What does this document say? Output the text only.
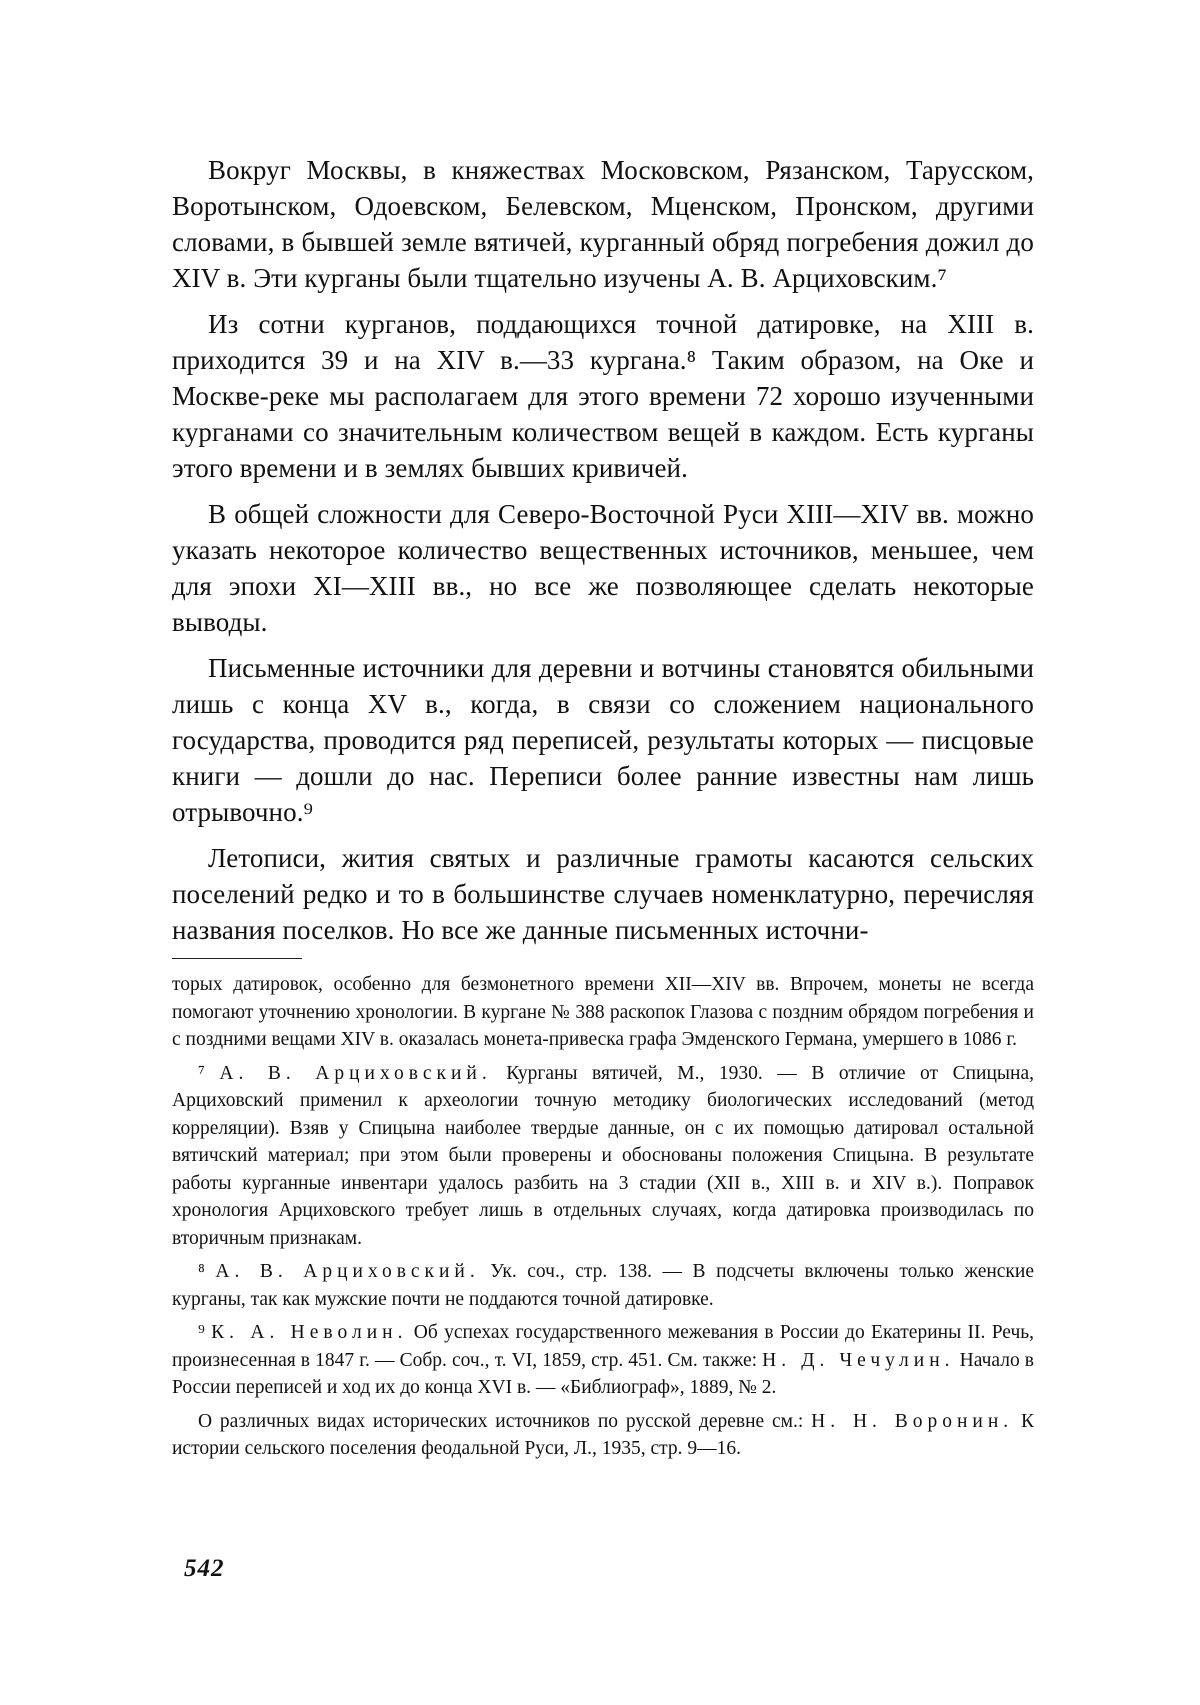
Вокруг Москвы, в княжествах Московском, Рязанском, Тарусском, Воротынском, Одоевском, Белевском, Мценском, Пронском, другими словами, в бывшей земле вятичей, курганный обряд погребения дожил до XIV в. Эти курганы были тщательно изучены А. В. Арциховским.⁷

Из сотни курганов, поддающихся точной датировке, на XIII в. приходится 39 и на XIV в.—33 кургана.⁸ Таким образом, на Оке и Москве-реке мы располагаем для этого времени 72 хорошо изученными курганами со значительным количеством вещей в каждом. Есть курганы этого времени и в землях бывших кривичей.

В общей сложности для Северо-Восточной Руси XIII—XIV вв. можно указать некоторое количество вещественных источников, меньшее, чем для эпохи XI—XIII вв., но все же позволяющее сделать некоторые выводы.

Письменные источники для деревни и вотчины становятся обильными лишь с конца XV в., когда, в связи со сложением национального государства, проводится ряд переписей, результаты которых — писцовые книги — дошли до нас. Переписи более ранние известны нам лишь отрывочно.⁹

Летописи, жития святых и различные грамоты касаются сельских поселений редко и то в большинстве случаев номенклатурно, перечисляя названия поселков. Но все же данные письменных источни-

торых датировок, особенно для безмонетного времени XII—XIV вв. Впрочем, монеты не всегда помогают уточнению хронологии. В кургане № 388 раскопок Глазова с поздним обрядом погребения и с поздними вещами XIV в. оказалась монета-привеска графа Эмденского Германа, умершего в 1086 г.

⁷ А. В. Арциховский. Курганы вятичей, М., 1930. — В отличие от Спицына, Арциховский применил к археологии точную методику биологических исследований (метод корреляции). Взяв у Спицына наиболее твердые данные, он с их помощью датировал остальной вятичский материал; при этом были проверены и обоснованы положения Спицына. В результате работы курганные инвентари удалось разбить на 3 стадии (XII в., XIII в. и XIV в.). Поправок хронология Арциховского требует лишь в отдельных случаях, когда датировка производилась по вторичным признакам.

⁸ А. В. Арциховский. Ук. соч., стр. 138. — В подсчеты включены только женские курганы, так как мужские почти не поддаются точной датировке.

⁹ К. А. Неволин. Об успехах государственного межевания в России до Екатерины II. Речь, произнесенная в 1847 г. — Собр. соч., т. VI, 1859, стр. 451. См. также: Н. Д. Чечулин. Начало в России переписей и ход их до конца XVI в. — «Библиограф», 1889, № 2.

О различных видах исторических источников по русской деревне см.: Н. Н. Воронин. К истории сельского поселения феодальной Руси, Л., 1935, стр. 9—16.

542
